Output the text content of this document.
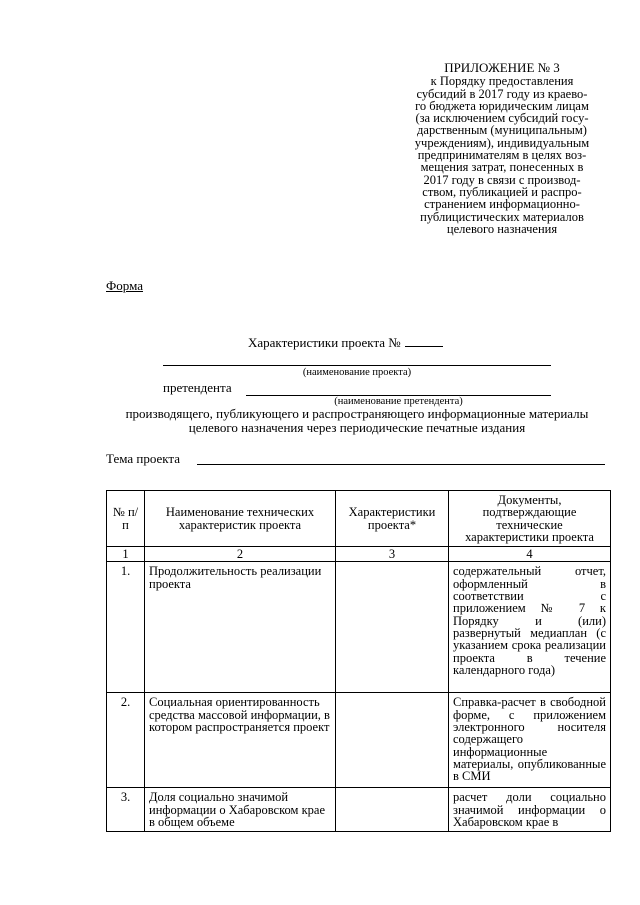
ПРИЛОЖЕНИЕ № 3
к Порядку предоставления
субсидий в 2017 году из краево-
го бюджета юридическим лицам
(за исключением субсидий госу-
дарственным (муниципальным)
учреждениям), индивидуальным
предпринимателям в целях воз-
мещения затрат, понесенных в
2017 году в связи с производ-
ством, публикацией и распро-
странением информационно-
публицистических материалов
целевого назначения
Форма
Характеристики проекта №
(наименование проекта)
претендента
(наименование претендента)
производящего, публикующего и распространяющего информационные материалы целевого назначения через периодические печатные издания
Тема проекта
№ п/п	Наименование технических характеристик проекта	Характеристики проекта*	Документы, подтверждающие технические характеристики проекта
1	2	3	4
1.	Продолжительность реализации проекта		содержательный отчет, оформленный в соответствии с приложением № 7 к Порядку и (или) развернутый медиаплан (с указанием срока реализации проекта в течение календарного года)
2.	Социальная ориентированность средства массовой информации, в котором распространяется проект		Справка-расчет в свободной форме, с приложением электронного носителя содержащего информационные материалы, опубликованные в СМИ
3.	Доля социально значимой информации о Хабаровском крае в общем объеме		расчет доли социально значимой информации о Хабаровском крае в
